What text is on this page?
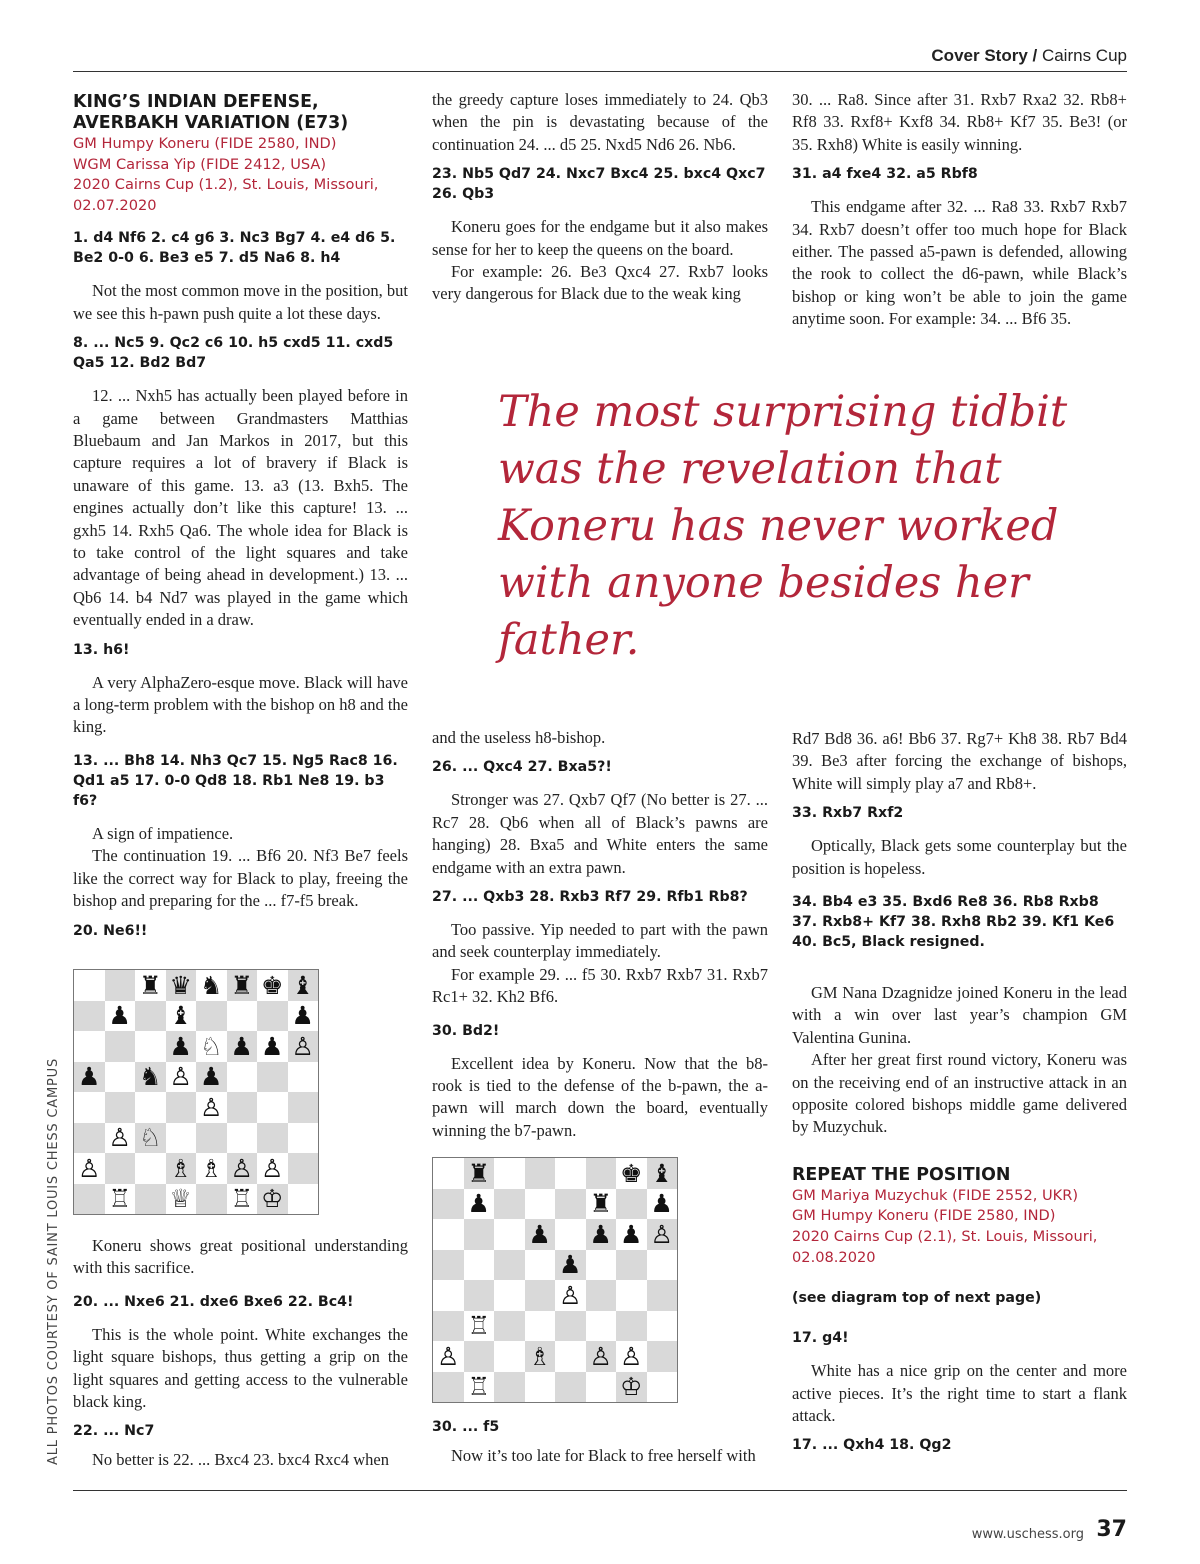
Cover Story / Cairns Cup
ALL PHOTOS COURTESY OF SAINT LOUIS CHESS CAMPUS
KING’S INDIAN DEFENSE, AVERBAKH VARIATION (E73)
GM Humpy Koneru (FIDE 2580, IND)
WGM Carissa Yip (FIDE 2412, USA)
2020 Cairns Cup (1.2), St. Louis, Missouri, 02.07.2020
1. d4 Nf6 2. c4 g6 3. Nc3 Bg7 4. e4 d6 5. Be2 0-0 6. Be3 e5 7. d5 Na6 8. h4

Not the most common move in the position, but we see this h-pawn push quite a lot these days.

8. ... Nc5 9. Qc2 c6 10. h5 cxd5 11. cxd5 Qa5 12. Bd2 Bd7

12. ... Nxh5 has actually been played before in a game between Grandmasters Matthias Bluebaum and Jan Markos in 2017, but this capture requires a lot of bravery if Black is unaware of this game. 13. a3 (13. Bxh5. The engines actually don’t like this capture! 13. ... gxh5 14. Rxh5 Qa6. The whole idea for Black is to take control of the light squares and take advantage of being ahead in development.) 13. ... Qb6 14. b4 Nd7 was played in the game which eventually ended in a draw.

13. h6!

A very AlphaZero-esque move. Black will have a long-term problem with the bishop on h8 and the king.

13. ... Bh8 14. Nh3 Qc7 15. Ng5 Rac8 16. Qd1 a5 17. 0-0 Qd8 18. Rb1 Ne8 19. b3 f6?

A sign of impatience.

The continuation 19. ... Bf6 20. Nf3 Be7 feels like the correct way for Black to play, freeing the bishop and preparing for the ... f7-f5 break.

20. Ne6!!
♜ ♛ ♞ ♜ ♚ ♝
♟ ♝	♟
♟ ♘ ♟ ♟ ♙
♟ ♞ ♙ ♟
♙
♙ ♘
♙	♗ ♗ ♙ ♙
♖ ♕ ♖ ♔

Koneru shows great positional understanding with this sacrifice.

20. ... Nxe6 21. dxe6 Bxe6 22. Bc4!

This is the whole point. White exchanges the light square bishops, thus getting a grip on the light squares and getting access to the vulnerable black king.

22. ... Nc7

No better is 22. ... Bxc4 23. bxc4 Rxc4 when

the greedy capture loses immediately to 24. Qb3 when the pin is devastating because of the continuation 24. ... d5 25. Nxd5 Nd6 26. Nb6.

23. Nb5 Qd7 24. Nxc7 Bxc4 25. bxc4 Qxc7 26. Qb3

Koneru goes for the endgame but it also makes sense for her to keep the queens on the board.

For example: 26. Be3 Qxc4 27. Rxb7 looks very dangerous for Black due to the weak king

30. ... Ra8. Since after 31. Rxb7 Rxa2 32. Rb8+ Rf8 33. Rxf8+ Kxf8 34. Rb8+ Kf7 35. Be3! (or 35. Rxh8) White is easily winning.

31. a4 fxe4 32. a5 Rbf8

This endgame after 32. ... Ra8 33. Rxb7 Rxb7 34. Rxb7 doesn’t offer too much hope for Black either. The passed a5-pawn is defended, allowing the rook to collect the d6-pawn, while Black’s bishop or king won’t be able to join the game anytime soon. For example: 34. ... Bf6 35.

The most surprising tidbit was the revelation that Koneru has never worked with anyone besides her father.

and the useless h8-bishop.

26. ... Qxc4 27. Bxa5?!

Stronger was 27. Qxb7 Qf7 (No better is 27. ... Rc7 28. Qb6 when all of Black’s pawns are hanging) 28. Bxa5 and White enters the same endgame with an extra pawn.

27. ... Qxb3 28. Rxb3 Rf7 29. Rfb1 Rb8?

Too passive. Yip needed to part with the pawn and seek counterplay immediately.

For example 29. ... f5 30. Rxb7 Rxb7 31. Rxb7 Rc1+ 32. Kh2 Bf6.

30. Bd2!

Excellent idea by Koneru. Now that the b8-rook is tied to the defense of the b-pawn, the a-pawn will march down the board, eventually winning the b7-pawn.

♜	♚ ♝
♟	♜ ♟
♟ ♟ ♟ ♙
♟
♙
♖
♙	♗ ♙ ♙
♖	♔
30. ... f5

Now it’s too late for Black to free herself with

Rd7 Bd8 36. a6! Bb6 37. Rg7+ Kh8 38. Rb7 Bd4 39. Be3 after forcing the exchange of bishops, White will simply play a7 and Rb8+.

33. Rxb7 Rxf2

Optically, Black gets some counterplay but the position is hopeless.

34. Bb4 e3 35. Bxd6 Re8 36. Rb8 Rxb8 37. Rxb8+ Kf7 38. Rxh8 Rb2 39. Kf1 Ke6 40. Bc5, Black resigned.

GM Nana Dzagnidze joined Koneru in the lead with a win over last year’s champion GM Valentina Gunina.

After her great first round victory, Koneru was on the receiving end of an instructive attack in an opposite colored bishops middle game delivered by Muzychuk.

REPEAT THE POSITION
GM Mariya Muzychuk (FIDE 2552, UKR)
GM Humpy Koneru (FIDE 2580, IND)
2020 Cairns Cup (2.1), St. Louis, Missouri, 02.08.2020
(see diagram top of next page)
17. g4!

White has a nice grip on the center and more active pieces. It’s the right time to start a flank attack.

17. ... Qxh4 18. Qg2
www.uschess.org 37
